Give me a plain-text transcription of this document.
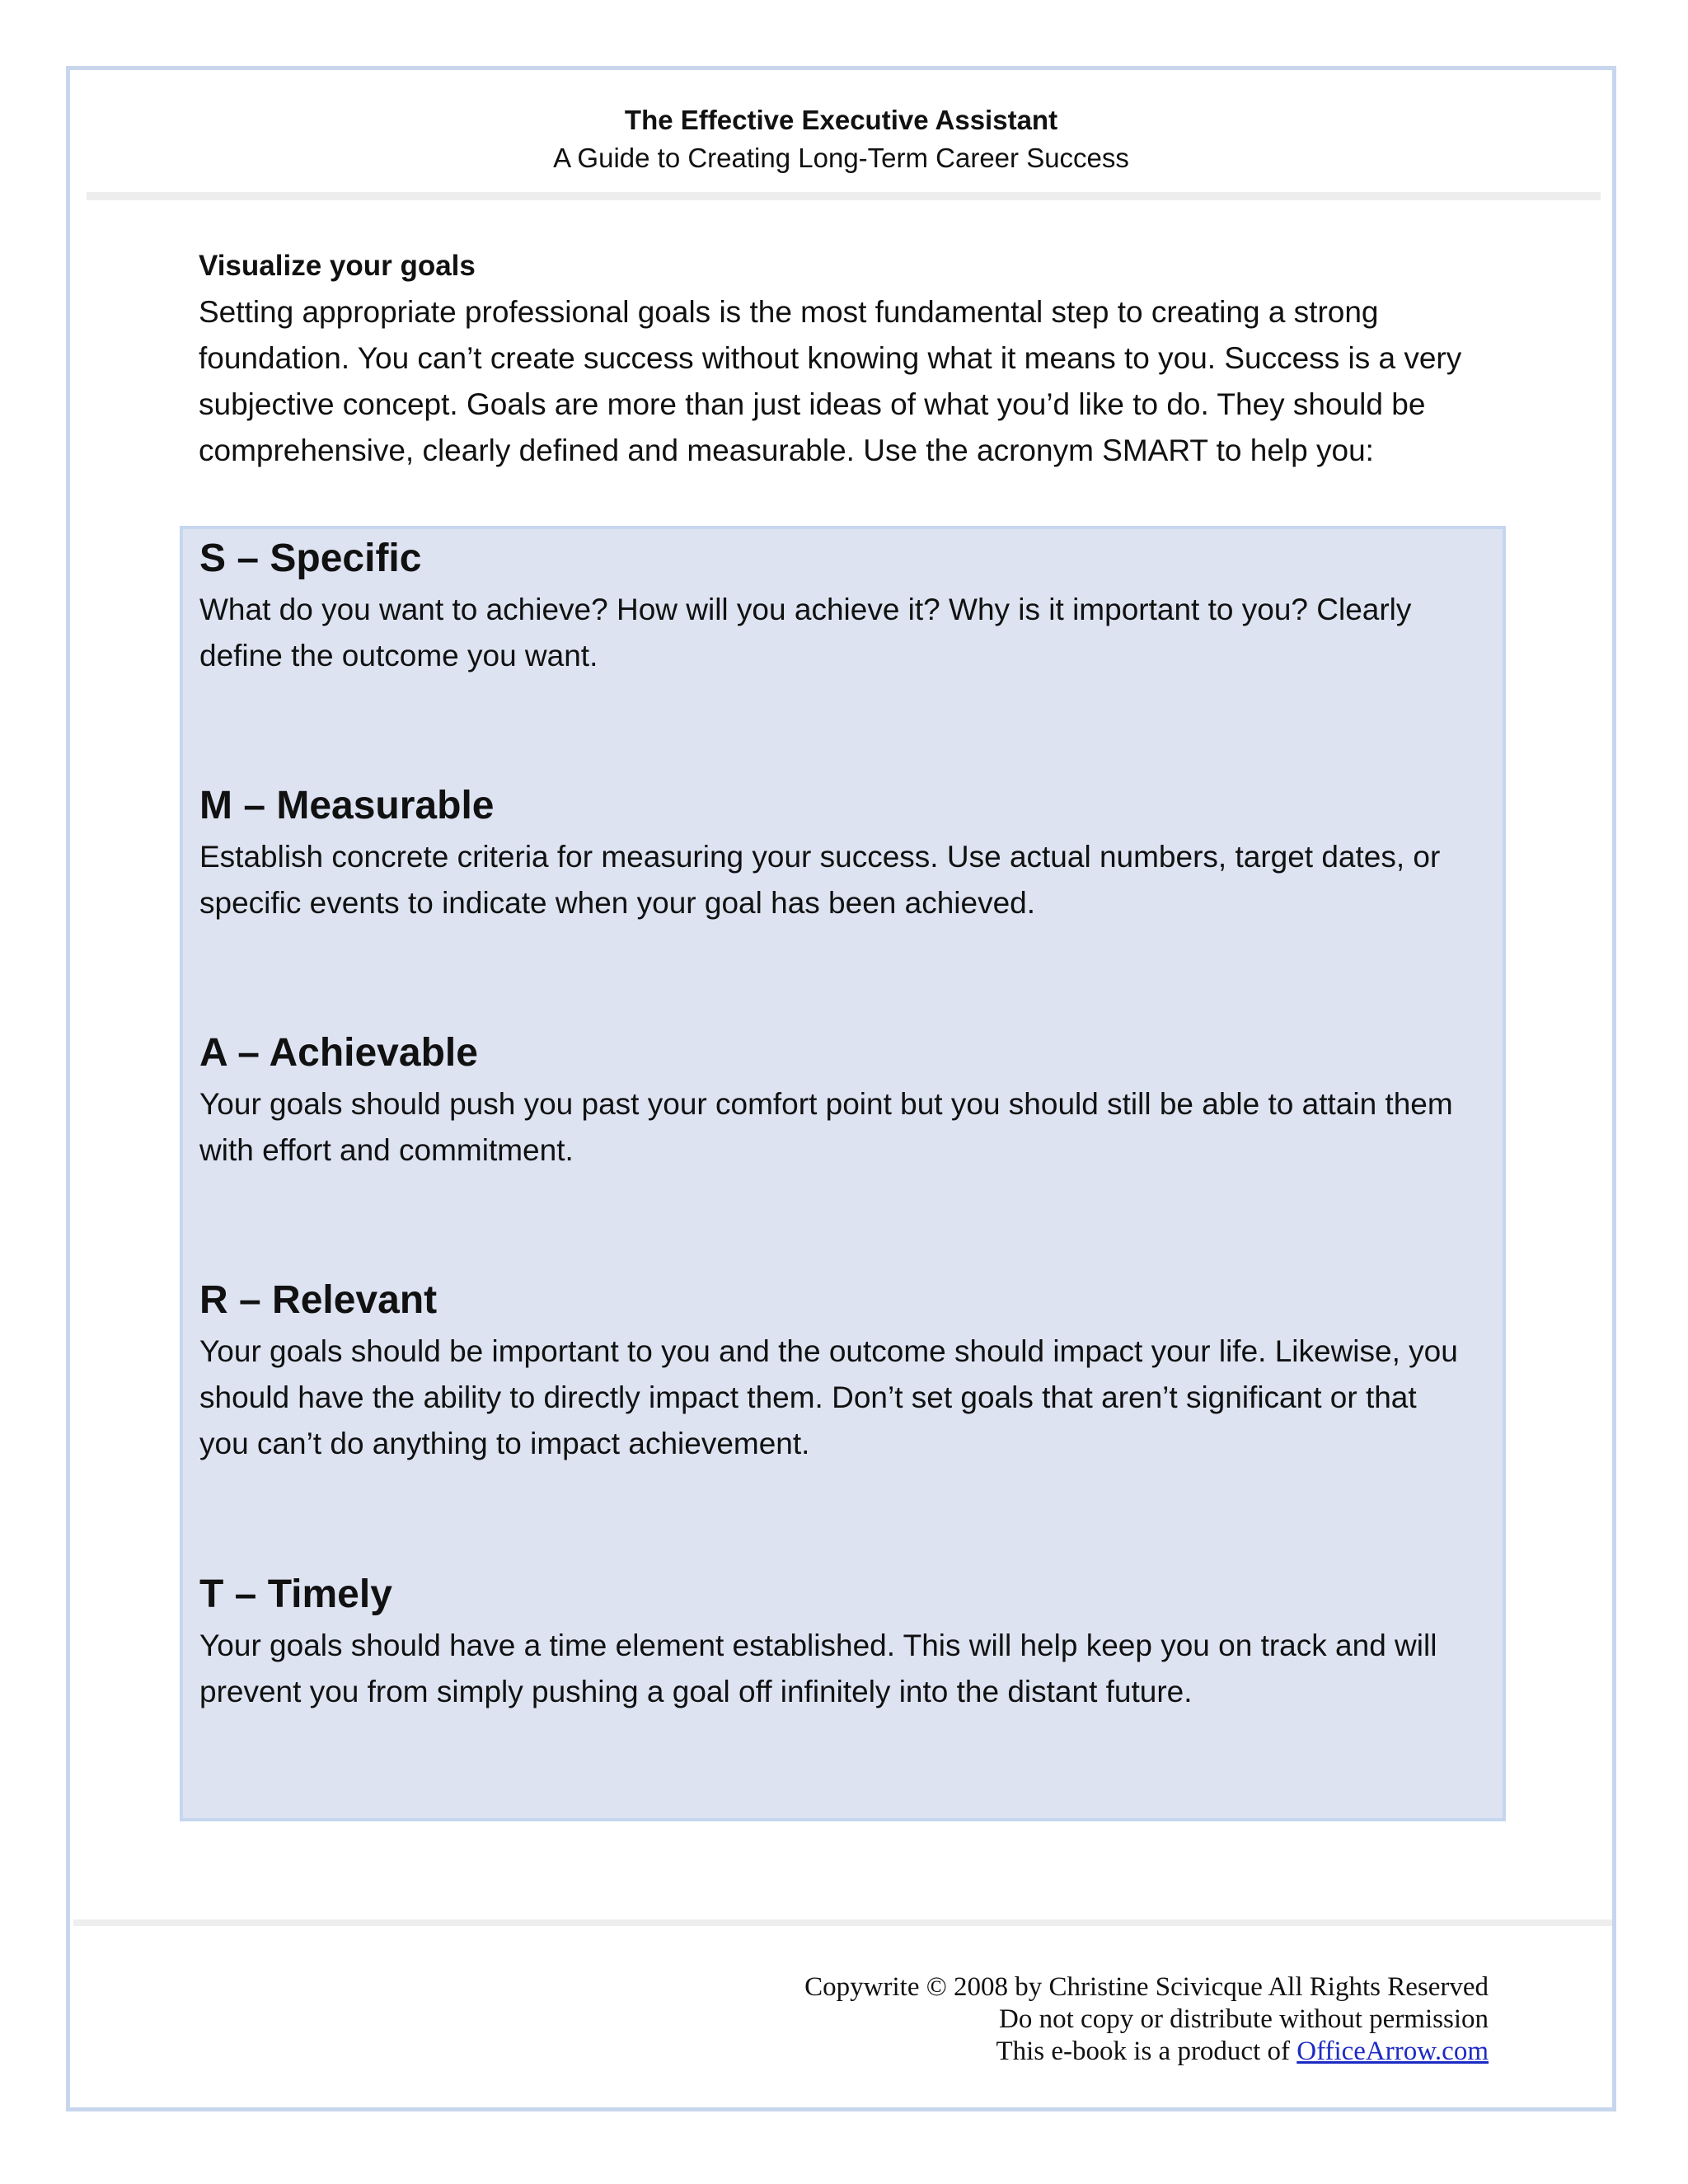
The Effective Executive Assistant
A Guide to Creating Long-Term Career Success
Visualize your goals
Setting appropriate professional goals is the most fundamental step to creating a strong
foundation. You can’t create success without knowing what it means to you. Success is a very
subjective concept. Goals are more than just ideas of what you’d like to do. They should be
comprehensive, clearly defined and measurable. Use the acronym SMART to help you:
S – Specific
What do you want to achieve? How will you achieve it? Why is it important to you? Clearly
define the outcome you want.
M – Measurable
Establish concrete criteria for measuring your success. Use actual numbers, target dates, or
specific events to indicate when your goal has been achieved.
A – Achievable
Your goals should push you past your comfort point but you should still be able to attain them
with effort and commitment.
R – Relevant
Your goals should be important to you and the outcome should impact your life. Likewise, you
should have the ability to directly impact them. Don’t set goals that aren’t significant or that
you can’t do anything to impact achievement.
T – Timely
Your goals should have a time element established. This will help keep you on track and will
prevent you from simply pushing a goal off infinitely into the distant future.
Copywrite © 2008 by Christine Scivicque All Rights Reserved
Do not copy or distribute without permission
This e-book is a product of OfficeArrow.com
